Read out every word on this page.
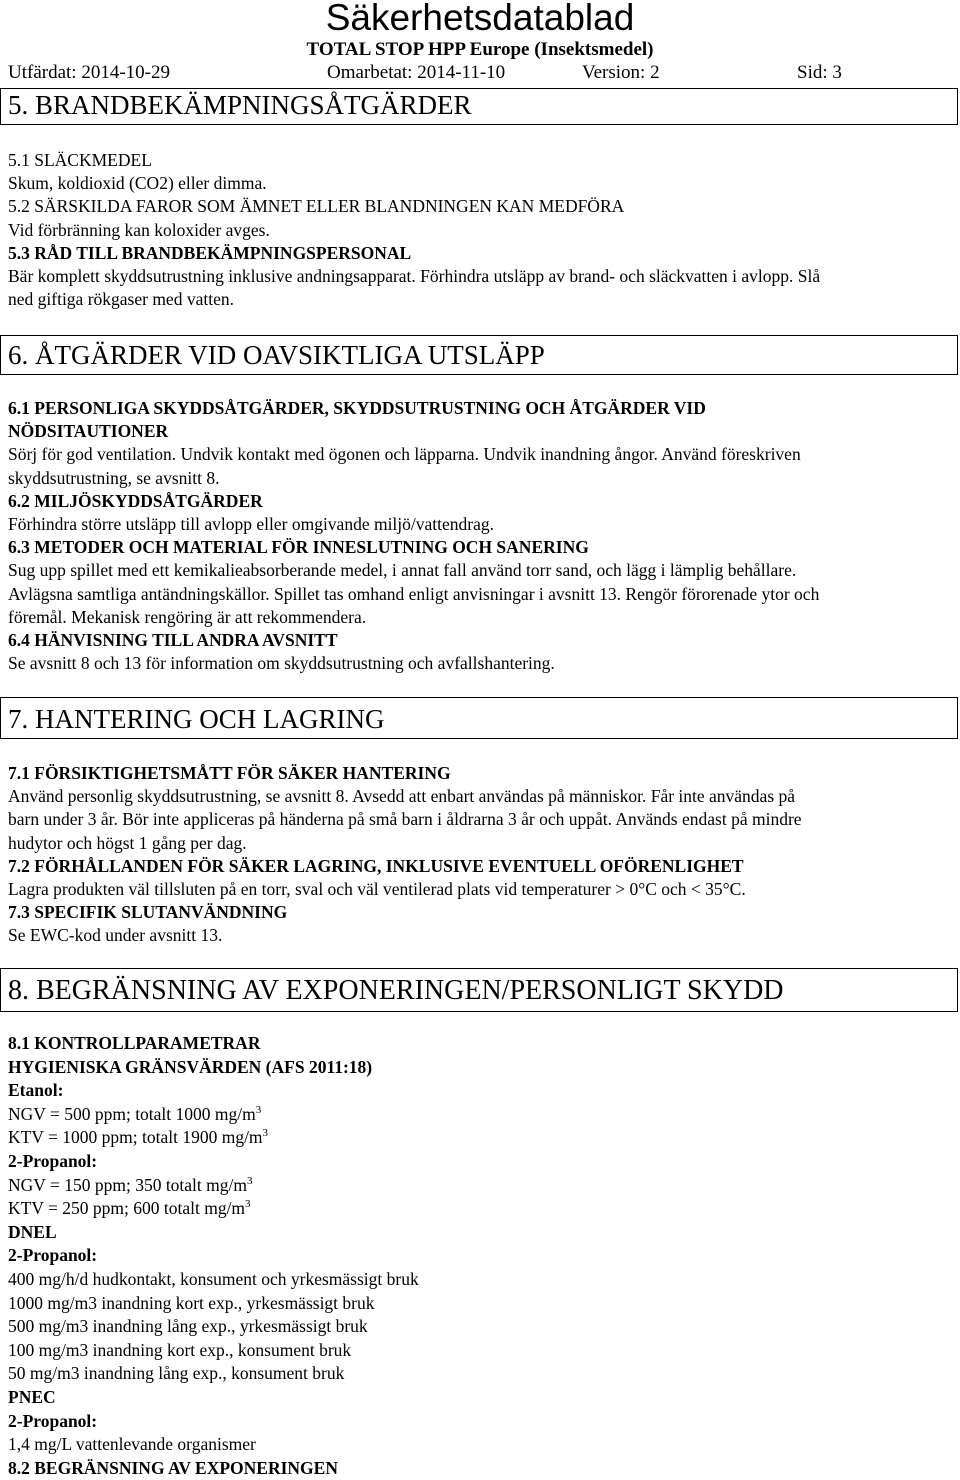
Säkerhetsdatablad
TOTAL STOP HPP Europe (Insektsmedel)
Utfärdat: 2014-10-29	Omarbetat: 2014-11-10	Version: 2	Sid: 3
5. BRANDBEKÄMPNINGSÅTGÄRDER
5.1 SLÄCKMEDEL
Skum, koldioxid (CO2) eller dimma.
5.2 SÄRSKILDA FAROR SOM ÄMNET ELLER BLANDNINGEN KAN MEDFÖRA
Vid förbränning kan koloxider avges.
5.3 RÅD TILL BRANDBEKÄMPNINGSPERSONAL
Bär komplett skyddsutrustning inklusive andningsapparat. Förhindra utsläpp av brand- och släckvatten i avlopp. Slå
ned giftiga rökgaser med vatten.
6. ÅTGÄRDER VID OAVSIKTLIGA UTSLÄPP
6.1 PERSONLIGA SKYDDSÅTGÄRDER, SKYDDSUTRUSTNING OCH ÅTGÄRDER VID
NÖDSITAUTIONER
Sörj för god ventilation. Undvik kontakt med ögonen och läpparna. Undvik inandning ångor. Använd föreskriven
skyddsutrustning, se avsnitt 8.
6.2 MILJÖSKYDDSÅTGÄRDER
Förhindra större utsläpp till avlopp eller omgivande miljö/vattendrag.
6.3 METODER OCH MATERIAL FÖR INNESLUTNING OCH SANERING
Sug upp spillet med ett kemikalieabsorberande medel, i annat fall använd torr sand, och lägg i lämplig behållare.
Avlägsna samtliga antändningskällor. Spillet tas omhand enligt anvisningar i avsnitt 13. Rengör förorenade ytor och
föremål. Mekanisk rengöring är att rekommendera.
6.4 HÄNVISNING TILL ANDRA AVSNITT
Se avsnitt 8 och 13 för information om skyddsutrustning och avfallshantering.
7. HANTERING OCH LAGRING
7.1 FÖRSIKTIGHETSMÅTT FÖR SÄKER HANTERING
Använd personlig skyddsutrustning, se avsnitt 8. Avsedd att enbart användas på människor. Får inte användas på
barn under 3 år. Bör inte appliceras på händerna på små barn i åldrarna 3 år och uppåt. Används endast på mindre
hudytor och högst 1 gång per dag.
7.2 FÖRHÅLLANDEN FÖR SÄKER LAGRING, INKLUSIVE EVENTUELL OFÖRENLIGHET
Lagra produkten väl tillsluten på en torr, sval och väl ventilerad plats vid temperaturer > 0°C och < 35°C.
7.3 SPECIFIK SLUTANVÄNDNING
Se EWC-kod under avsnitt 13.
8. BEGRÄNSNING AV EXPONERINGEN/PERSONLIGT SKYDD
8.1 KONTROLLPARAMETRAR
HYGIENISKA GRÄNSVÄRDEN (AFS 2011:18)
Etanol:
NGV = 500 ppm; totalt 1000 $mg/m^3$
KTV = 1000 ppm; totalt 1900 $mg/m^3$
2-Propanol:
NGV = 150 ppm; 350 totalt $mg/m^3$
KTV = 250 ppm; 600 totalt $mg/m^3$
DNEL
2-Propanol:
400 mg/h/d hudkontakt, konsument och yrkesmässigt bruk
1000 mg/m3 inandning kort exp., yrkesmässigt bruk
500 mg/m3 inandning lång exp., yrkesmässigt bruk
100 mg/m3 inandning kort exp., konsument bruk
50 mg/m3 inandning lång exp., konsument bruk
PNEC
2-Propanol:
1,4 mg/L vattenlevande organismer
8.2 BEGRÄNSNING AV EXPONERINGEN
